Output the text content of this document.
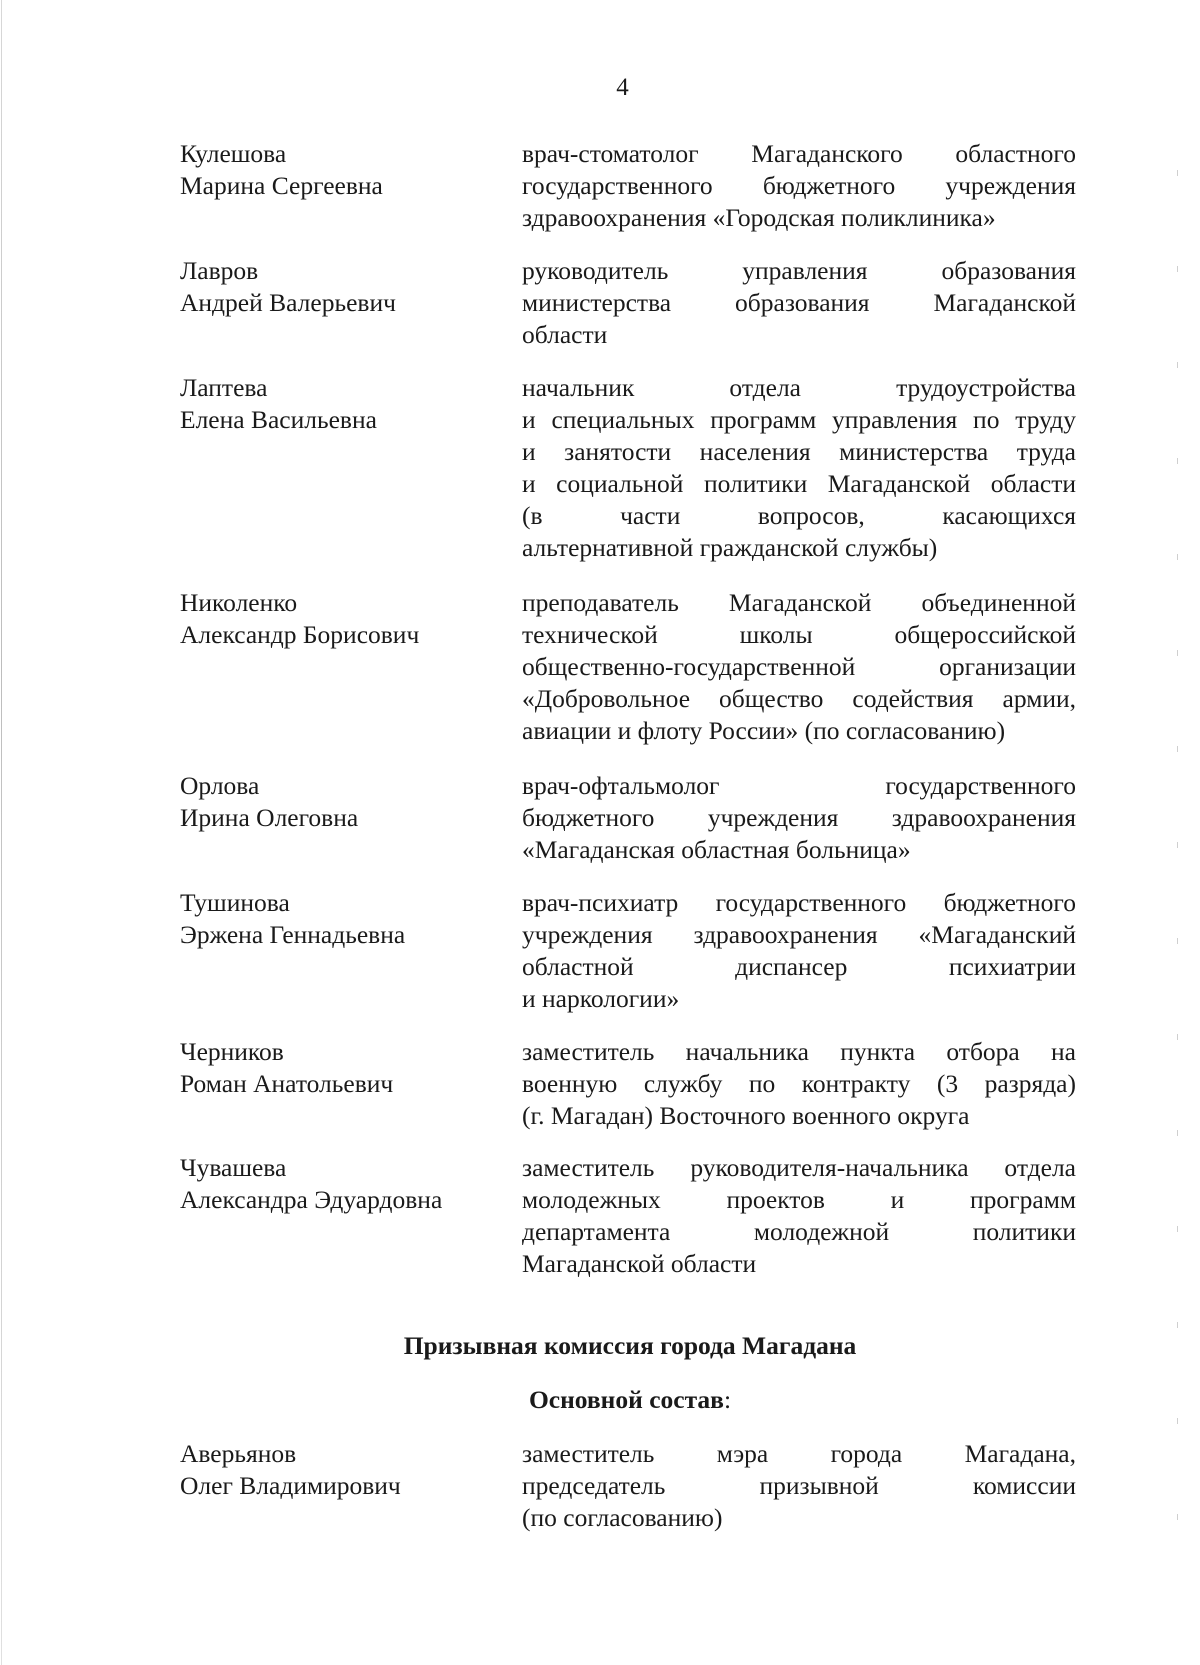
4
Кулешова
Марина Сергеевна
врач-стоматолог Магаданского областного
государственного бюджетного учреждения
здравоохранения «Городская поликлиника»
Лавров
Андрей Валерьевич
руководитель управления образования
министерства образования Магаданской
области
Лаптева
Елена Васильевна
начальник отдела трудоустройства
и специальных программ управления по труду
и занятости населения министерства труда
и социальной политики Магаданской области
(в части вопросов, касающихся
альтернативной гражданской службы)
Николенко
Александр Борисович
преподаватель Магаданской объединенной
технической школы общероссийской
общественно-государственной организации
«Добровольное общество содействия армии,
авиации и флоту России» (по согласованию)
Орлова
Ирина Олеговна
врач-офтальмолог государственного
бюджетного учреждения здравоохранения
«Магаданская областная больница»
Тушинова
Эржена Геннадьевна
врач-психиатр государственного бюджетного
учреждения здравоохранения «Магаданский
областной диспансер психиатрии
и наркологии»
Черников
Роман Анатольевич
заместитель начальника пункта отбора на
военную службу по контракту (3 разряда)
(г. Магадан) Восточного военного округа
Чувашева
Александра Эдуардовна
заместитель руководителя-начальника отдела
молодежных проектов и программ
департамента молодежной политики
Магаданской области
Призывная комиссия города Магадана
Основной состав:
Аверьянов
Олег Владимирович
заместитель мэра города Магадана,
председатель призывной комиссии
(по согласованию)
